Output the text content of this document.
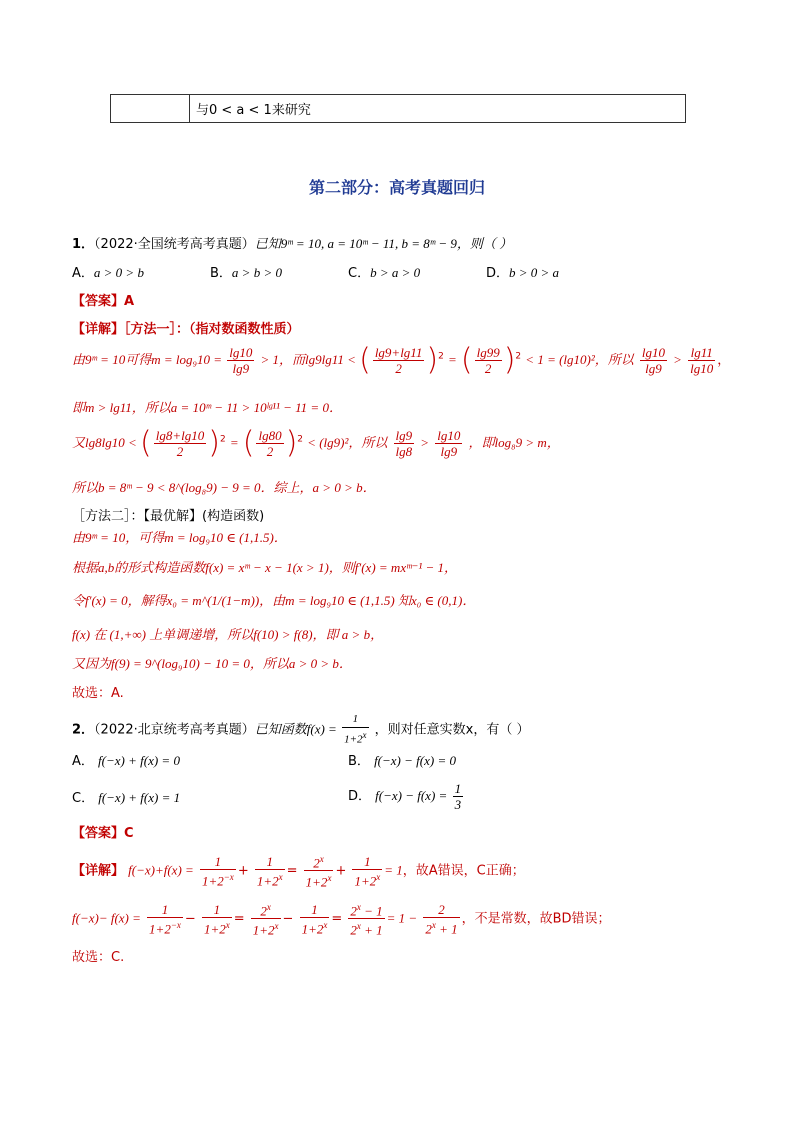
	与0 < a < 1来研究
第二部分：高考真题回归
1．（2022·全国统考高考真题）已知9ᵐ = 10, a = 10ᵐ − 11, b = 8ᵐ − 9，则（ ）
A．a > 0 > b	B．a > b > 0	C．b > a > 0	D．b > 0 > a
【答案】A
【详解】［方法一］：（指对数函数性质）
由9ᵐ = 10可得$m = \log_910 = \frac{\lg 10}{\lg 9} > 1$，而lg9lg11 < ( $\frac{\lg 9+\lg 11}{2} )^2$ = ( $\frac{\lg 99}{2} )^2 < 1 = (\lg 10)^2$，所以 $\frac{\lg 10}{\lg 9} > \frac{\lg 11}{\lg 10}$ ，
即m > lg11，所以a = 10ᵐ − 11 > 10ˡᵍ¹¹ − 11 = 0．
又lg8lg10 < ( $\frac{\lg 8+\lg 10}{2} )^2$ = ( $\frac{\lg 80}{2} )^2 < (\lg 9)^2$，所以 $\frac{\lg 9}{\lg 8} > \frac{\lg 10}{\lg 9}$ ，即log₈9 > m，
所以b = 8ᵐ − 9 < 8^(log₈9) − 9 = 0．综上，a > 0 > b．
［方法二］：【最优解】(构造函数)
由9ᵐ = 10，可得m = log₉10 ∈ (1,1.5)．
根据a,b的形式构造函数f(x) = xᵐ − x − 1(x > 1)，则f′(x) = mxᵐ⁻¹ − 1，
令f′(x) = 0，解得x₀ = m^(1/(1−m))，由m = log₉10 ∈ (1,1.5) 知x₀ ∈ (0,1)．
f(x) 在 (1,+∞) 上单调递增，所以f(10) > f(8)，即 a > b，
又因为f(9) = 9^(log₉10) − 10 = 0，所以a > 0 > b．
故选：A.
2．（2022·北京统考高考真题）已知函数$f(x) = \frac{1}{1+2^x}$ ，则对任意实数x，有（ ）
A． f(−x) + f(x) = 0	B． f(−x) − f(x) = 0
C． f(−x) + f(x) = 1	D． $f(-x) - f(x) = \frac{1}{3}$
【答案】C
【详解】 $f(-x)+f(x) = \frac{1}{1+2^{-x}} + \frac{1}{1+2^x} = \frac{2^x}{1+2^x} + \frac{1}{1+2^x} = 1$，故A错误，C正确；
$f(-x)- f(x) = \frac{1}{1+2^{-x}} - \frac{1}{1+2^x} = \frac{2^x}{1+2^x} - \frac{1}{1+2^x} = \frac{2^x - 1}{2^x + 1} = 1 - \frac{2}{2^x + 1}$ ，不是常数，故BD错误；
故选：C.
